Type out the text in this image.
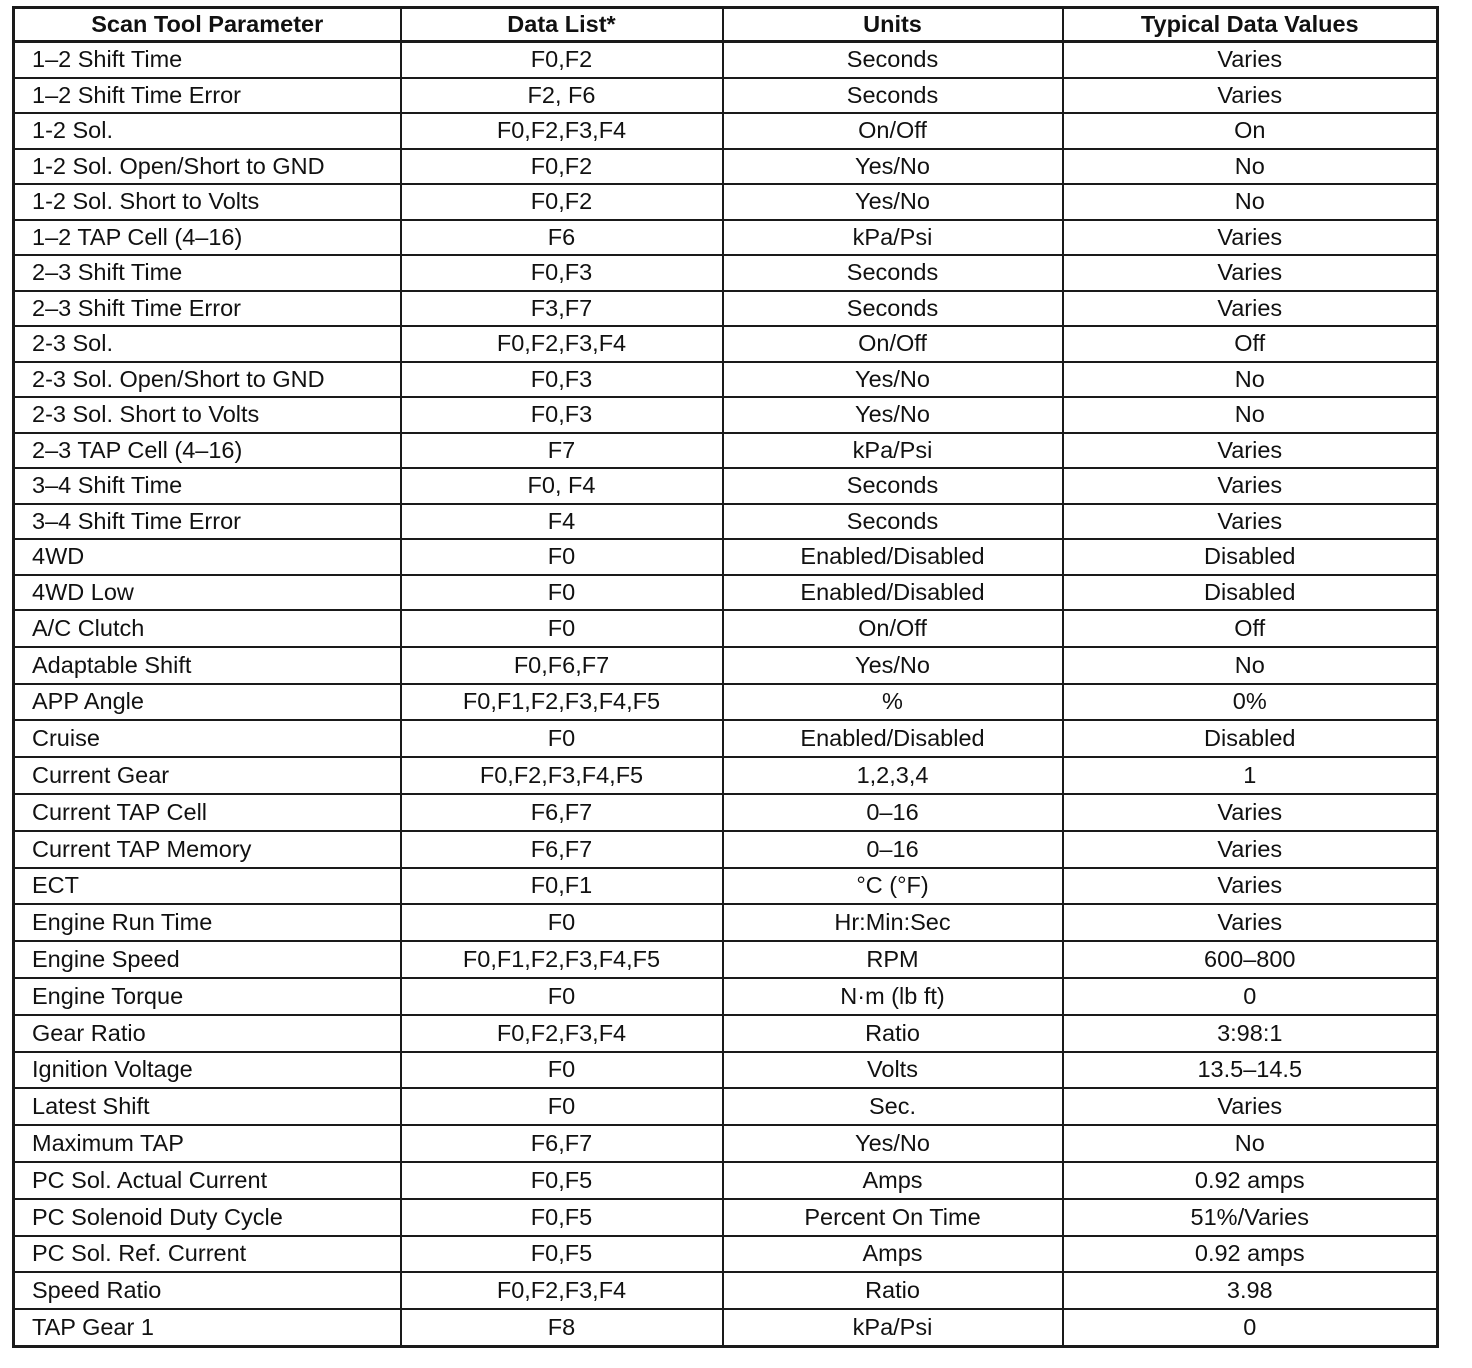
Scan Tool Parameter	Data List*	Units	Typical Data Values
1–2 Shift Time	F0,F2	Seconds	Varies
1–2 Shift Time Error	F2, F6	Seconds	Varies
1-2 Sol.	F0,F2,F3,F4	On/Off	On
1-2 Sol. Open/Short to GND	F0,F2	Yes/No	No
1-2 Sol. Short to Volts	F0,F2	Yes/No	No
1–2 TAP Cell (4–16)	F6	kPa/Psi	Varies
2–3 Shift Time	F0,F3	Seconds	Varies
2–3 Shift Time Error	F3,F7	Seconds	Varies
2-3 Sol.	F0,F2,F3,F4	On/Off	Off
2-3 Sol. Open/Short to GND	F0,F3	Yes/No	No
2-3 Sol. Short to Volts	F0,F3	Yes/No	No
2–3 TAP Cell (4–16)	F7	kPa/Psi	Varies
3–4 Shift Time	F0, F4	Seconds	Varies
3–4 Shift Time Error	F4	Seconds	Varies
4WD	F0	Enabled/Disabled	Disabled
4WD Low	F0	Enabled/Disabled	Disabled
A/C Clutch	F0	On/Off	Off
Adaptable Shift	F0,F6,F7	Yes/No	No
APP Angle	F0,F1,F2,F3,F4,F5	%	0%
Cruise	F0	Enabled/Disabled	Disabled
Current Gear	F0,F2,F3,F4,F5	1,2,3,4	1
Current TAP Cell	F6,F7	0–16	Varies
Current TAP Memory	F6,F7	0–16	Varies
ECT	F0,F1	°C (°F)	Varies
Engine Run Time	F0	Hr:Min:Sec	Varies
Engine Speed	F0,F1,F2,F3,F4,F5	RPM	600–800
Engine Torque	F0	N·m (lb ft)	0
Gear Ratio	F0,F2,F3,F4	Ratio	3:98:1
Ignition Voltage	F0	Volts	13.5–14.5
Latest Shift	F0	Sec.	Varies
Maximum TAP	F6,F7	Yes/No	No
PC Sol. Actual Current	F0,F5	Amps	0.92 amps
PC Solenoid Duty Cycle	F0,F5	Percent On Time	51%/Varies
PC Sol. Ref. Current	F0,F5	Amps	0.92 amps
Speed Ratio	F0,F2,F3,F4	Ratio	3.98
TAP Gear 1	F8	kPa/Psi	0
